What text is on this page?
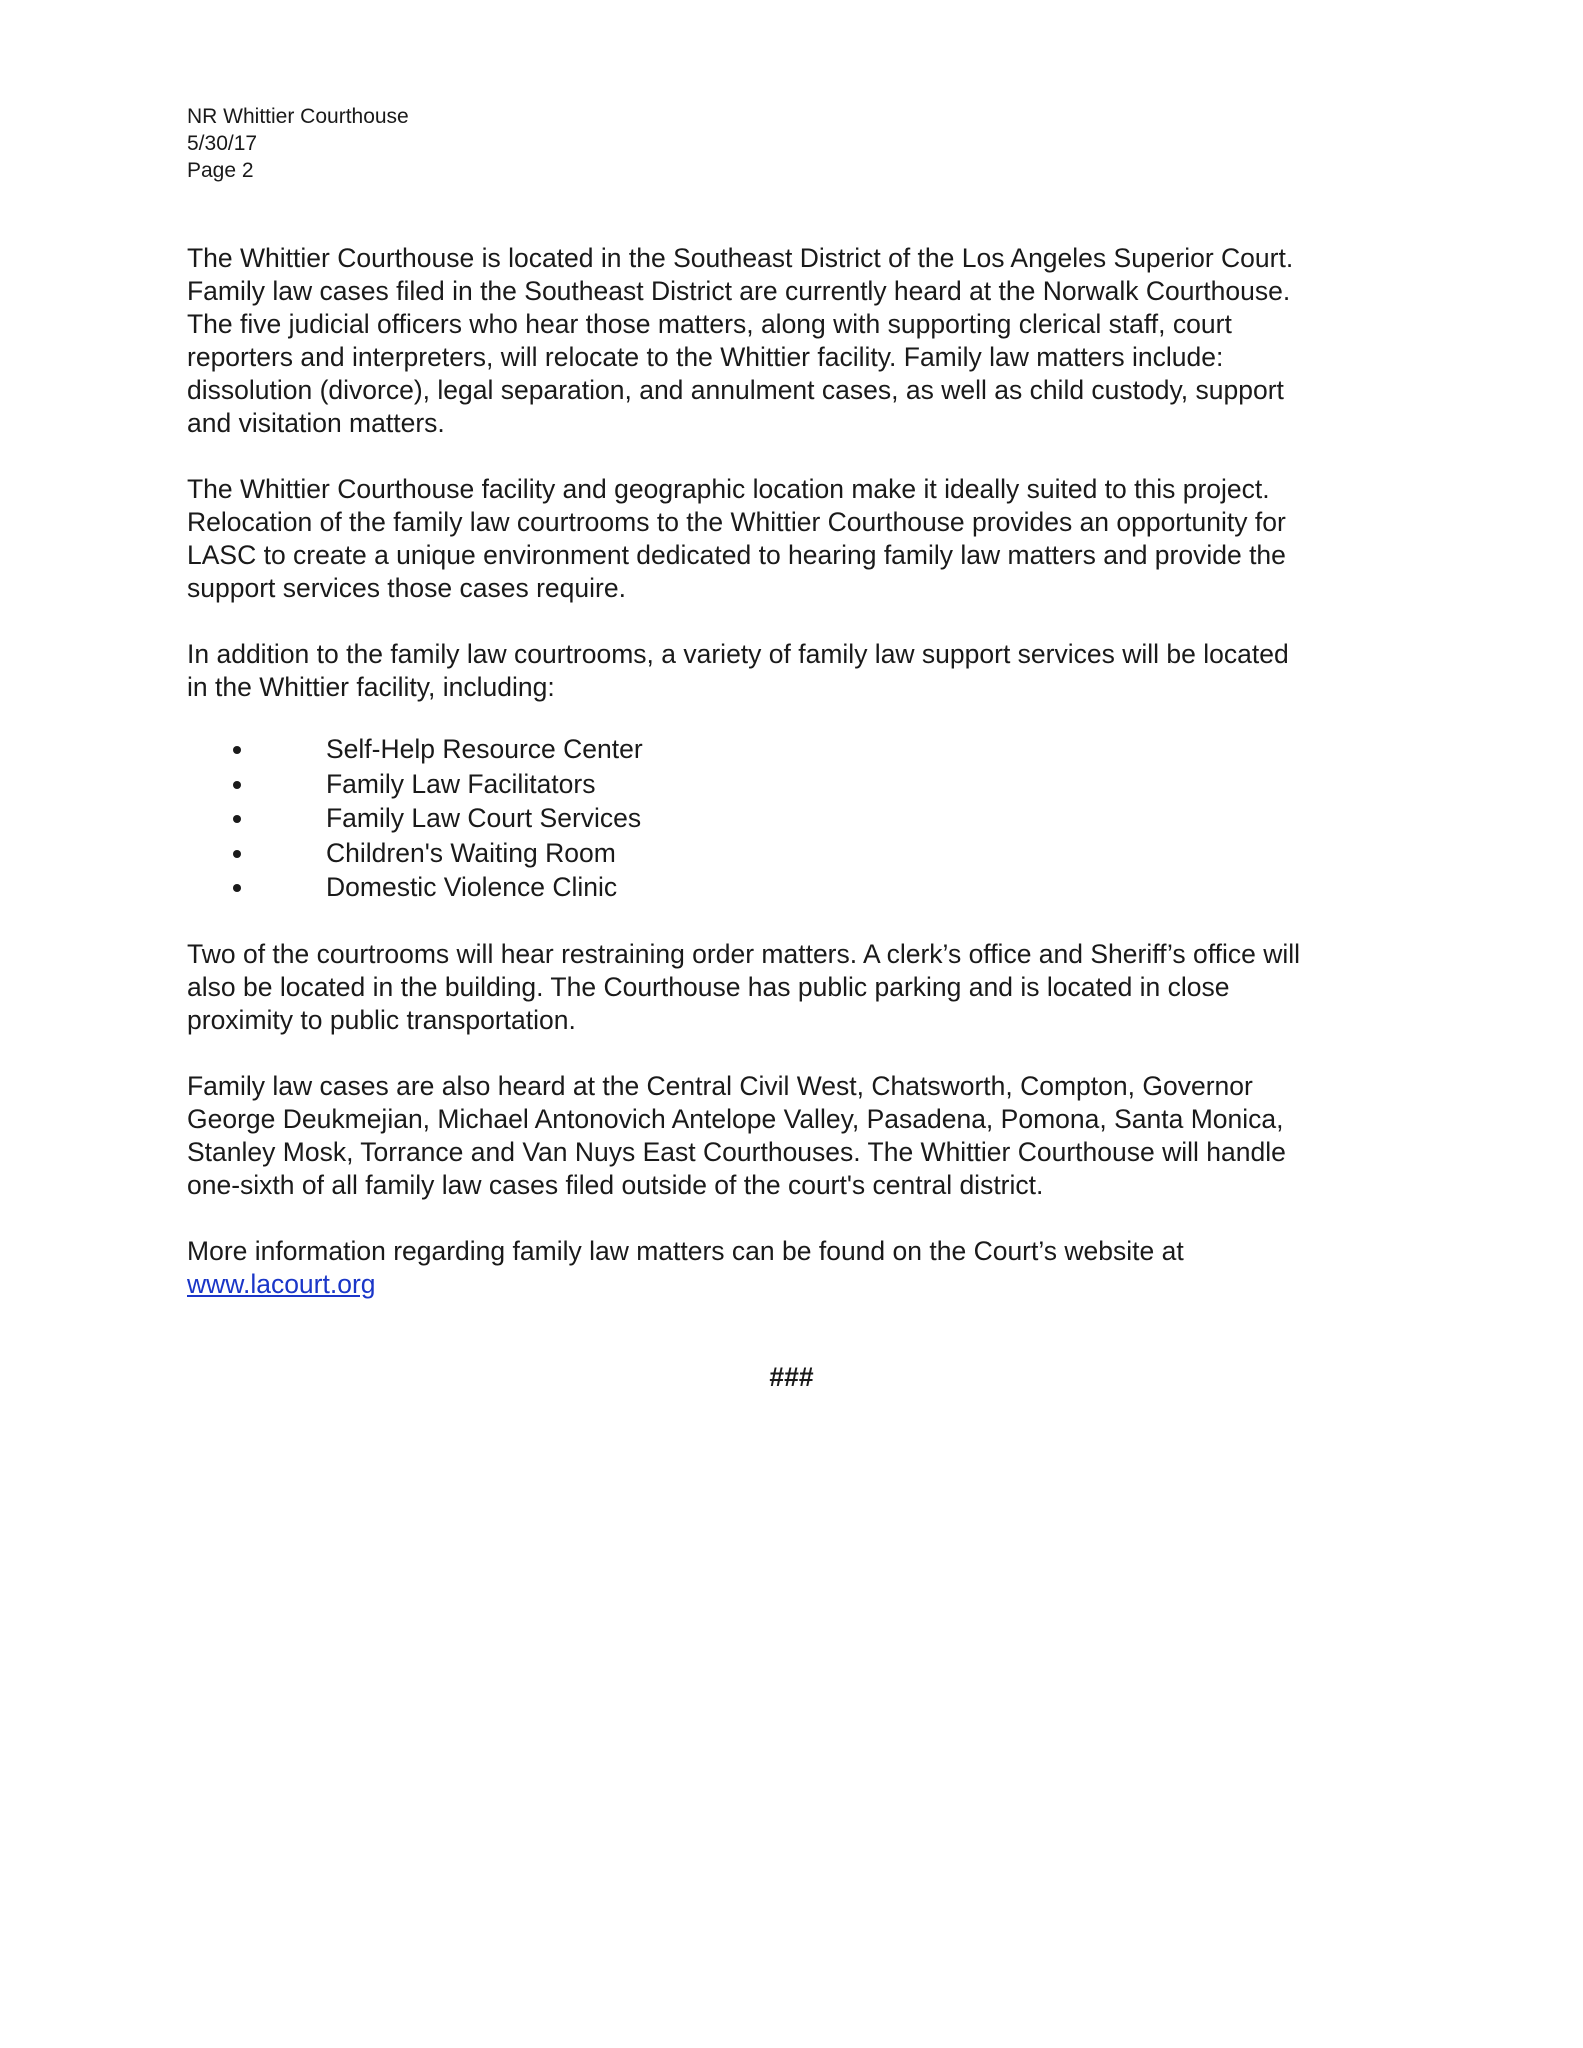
NR Whittier Courthouse
5/30/17
Page 2
The Whittier Courthouse is located in the Southeast District of the Los Angeles Superior Court.
Family law cases filed in the Southeast District are currently heard at the Norwalk Courthouse.
The five judicial officers who hear those matters, along with supporting clerical staff, court
reporters and interpreters, will relocate to the Whittier facility. Family law matters include:
dissolution (divorce), legal separation, and annulment cases, as well as child custody, support
and visitation matters.
The Whittier Courthouse facility and geographic location make it ideally suited to this project.
Relocation of the family law courtrooms to the Whittier Courthouse provides an opportunity for
LASC to create a unique environment dedicated to hearing family law matters and provide the
support services those cases require.
In addition to the family law courtrooms, a variety of family law support services will be located
in the Whittier facility, including:
Self-Help Resource Center
Family Law Facilitators
Family Law Court Services
Children's Waiting Room
Domestic Violence Clinic
Two of the courtrooms will hear restraining order matters. A clerk’s office and Sheriff’s office will
also be located in the building. The Courthouse has public parking and is located in close
proximity to public transportation.
Family law cases are also heard at the Central Civil West, Chatsworth, Compton, Governor
George Deukmejian, Michael Antonovich Antelope Valley, Pasadena, Pomona, Santa Monica,
Stanley Mosk, Torrance and Van Nuys East Courthouses. The Whittier Courthouse will handle
one-sixth of all family law cases filed outside of the court's central district.
More information regarding family law matters can be found on the Court’s website at
www.lacourt.org
###
